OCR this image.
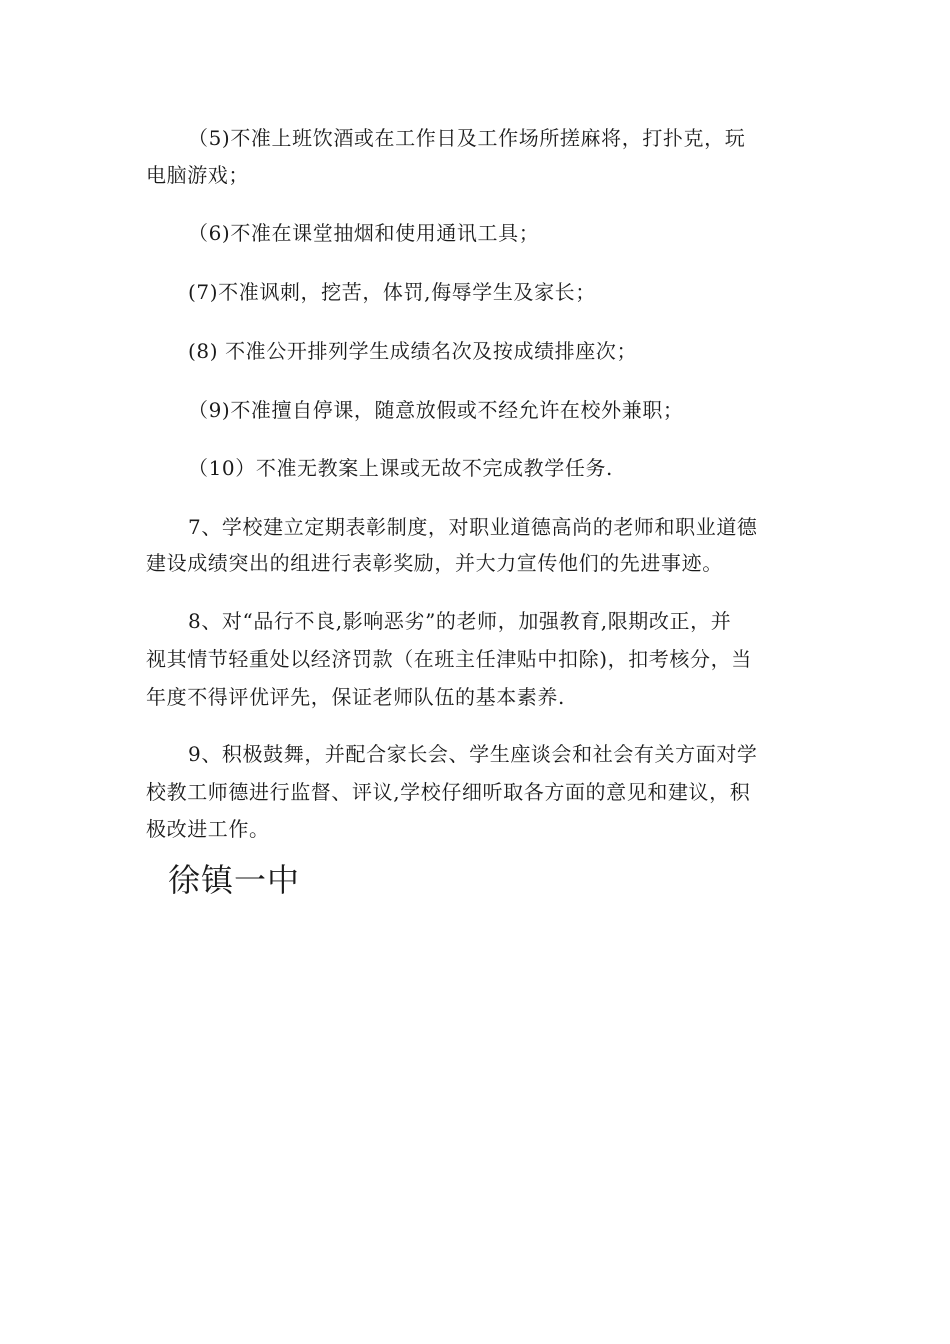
（5)不准上班饮酒或在工作日及工作场所搓麻将，打扑克，玩
电脑游戏；
（6)不准在课堂抽烟和使用通讯工具；
(7)不准讽刺，挖苦，体罚,侮辱学生及家长；
(8) 不准公开排列学生成绩名次及按成绩排座次；
（9)不准擅自停课，随意放假或不经允许在校外兼职；
（10）不准无教案上课或无故不完成教学任务.
7、学校建立定期表彰制度，对职业道德高尚的老师和职业道德
建设成绩突出的组进行表彰奖励，并大力宣传他们的先进事迹。
8、对“品行不良,影响恶劣”的老师，加强教育,限期改正，并
视其情节轻重处以经济罚款（在班主任津贴中扣除)，扣考核分，当
年度不得评优评先，保证老师队伍的基本素养.
9、积极鼓舞，并配合家长会、学生座谈会和社会有关方面对学
校教工师德进行监督、评议,学校仔细听取各方面的意见和建议，积
极改进工作。
徐镇一中
